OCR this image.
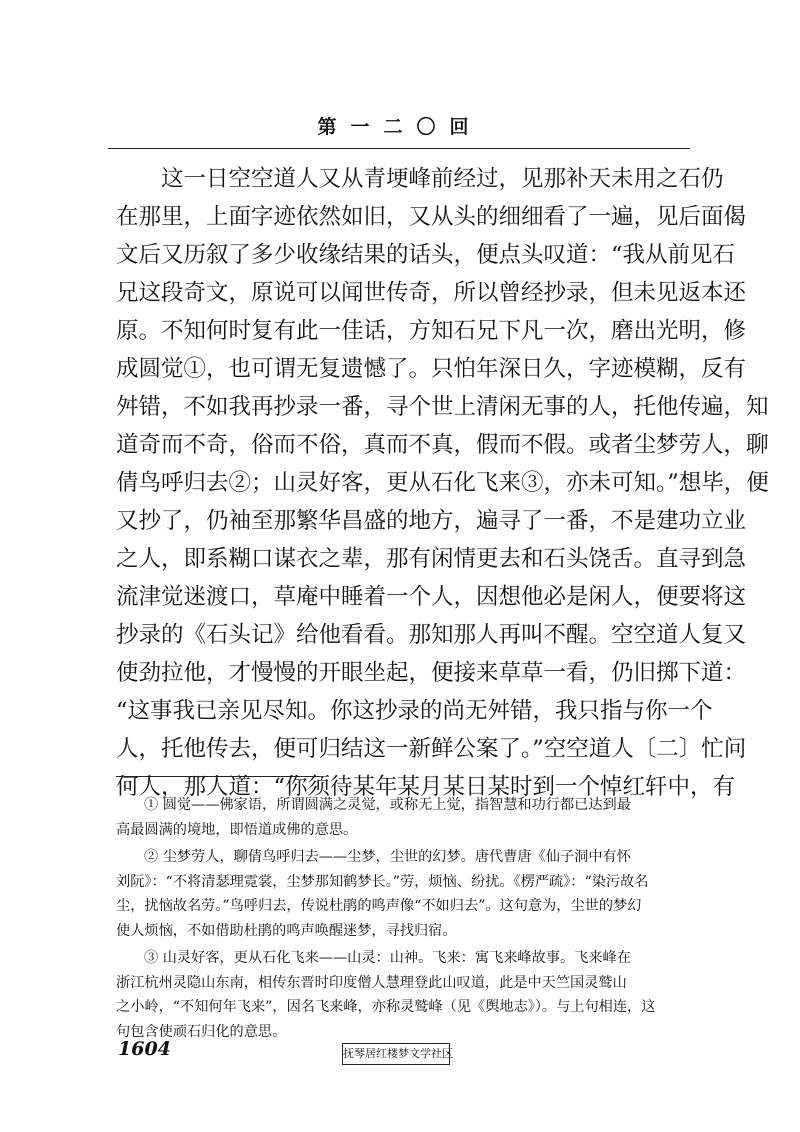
第一二〇回
这一日空空道人又从青埂峰前经过，见那补天未用之石仍
在那里，上面字迹依然如旧，又从头的细细看了一遍，见后面偈
文后又历叙了多少收缘结果的话头，便点头叹道：“我从前见石
兄这段奇文，原说可以闻世传奇，所以曾经抄录，但未见返本还
原。不知何时复有此一佳话，方知石兄下凡一次，磨出光明，修
成圆觉①，也可谓无复遗憾了。只怕年深日久，字迹模糊，反有
舛错，不如我再抄录一番，寻个世上清闲无事的人，托他传遍，知
道奇而不奇，俗而不俗，真而不真，假而不假。或者尘梦劳人，聊
倩鸟呼归去②；山灵好客，更从石化飞来③，亦未可知。”想毕，便
又抄了，仍袖至那繁华昌盛的地方，遍寻了一番，不是建功立业
之人，即系糊口谋衣之辈，那有闲情更去和石头饶舌。直寻到急
流津觉迷渡口，草庵中睡着一个人，因想他必是闲人，便要将这
抄录的《石头记》给他看看。那知那人再叫不醒。空空道人复又
使劲拉他，才慢慢的开眼坐起，便接来草草一看，仍旧掷下道：
“这事我已亲见尽知。你这抄录的尚无舛错，我只指与你一个
人，托他传去，便可归结这一新鲜公案了。”空空道人〔二〕忙问
何人，那人道：“你须待某年某月某日某时到一个悼红轩中，有
① 圆觉——佛家语，所谓圆满之灵觉，或称无上觉，指智慧和功行都已达到最
高最圆满的境地，即悟道成佛的意思。
② 尘梦劳人，聊倩鸟呼归去——尘梦，尘世的幻梦。唐代曹唐《仙子洞中有怀
刘阮》：“不将清瑟理霓裳，尘梦那知鹤梦长。”劳，烦恼、纷扰。《楞严疏》：“染污故名
尘，扰恼故名劳。”鸟呼归去，传说杜鹃的鸣声像“不如归去”。这句意为，尘世的梦幻
使人烦恼，不如借助杜鹃的鸣声唤醒迷梦，寻找归宿。
③ 山灵好客，更从石化飞来——山灵：山神。飞来：寓飞来峰故事。飞来峰在
浙江杭州灵隐山东南，相传东晋时印度僧人慧理登此山叹道，此是中天竺国灵鹫山
之小岭，“不知何年飞来”，因名飞来峰，亦称灵鹫峰（见《舆地志》）。与上句相连，这
句包含使顽石归化的意思。
1604	抚琴居红楼梦文学社区
